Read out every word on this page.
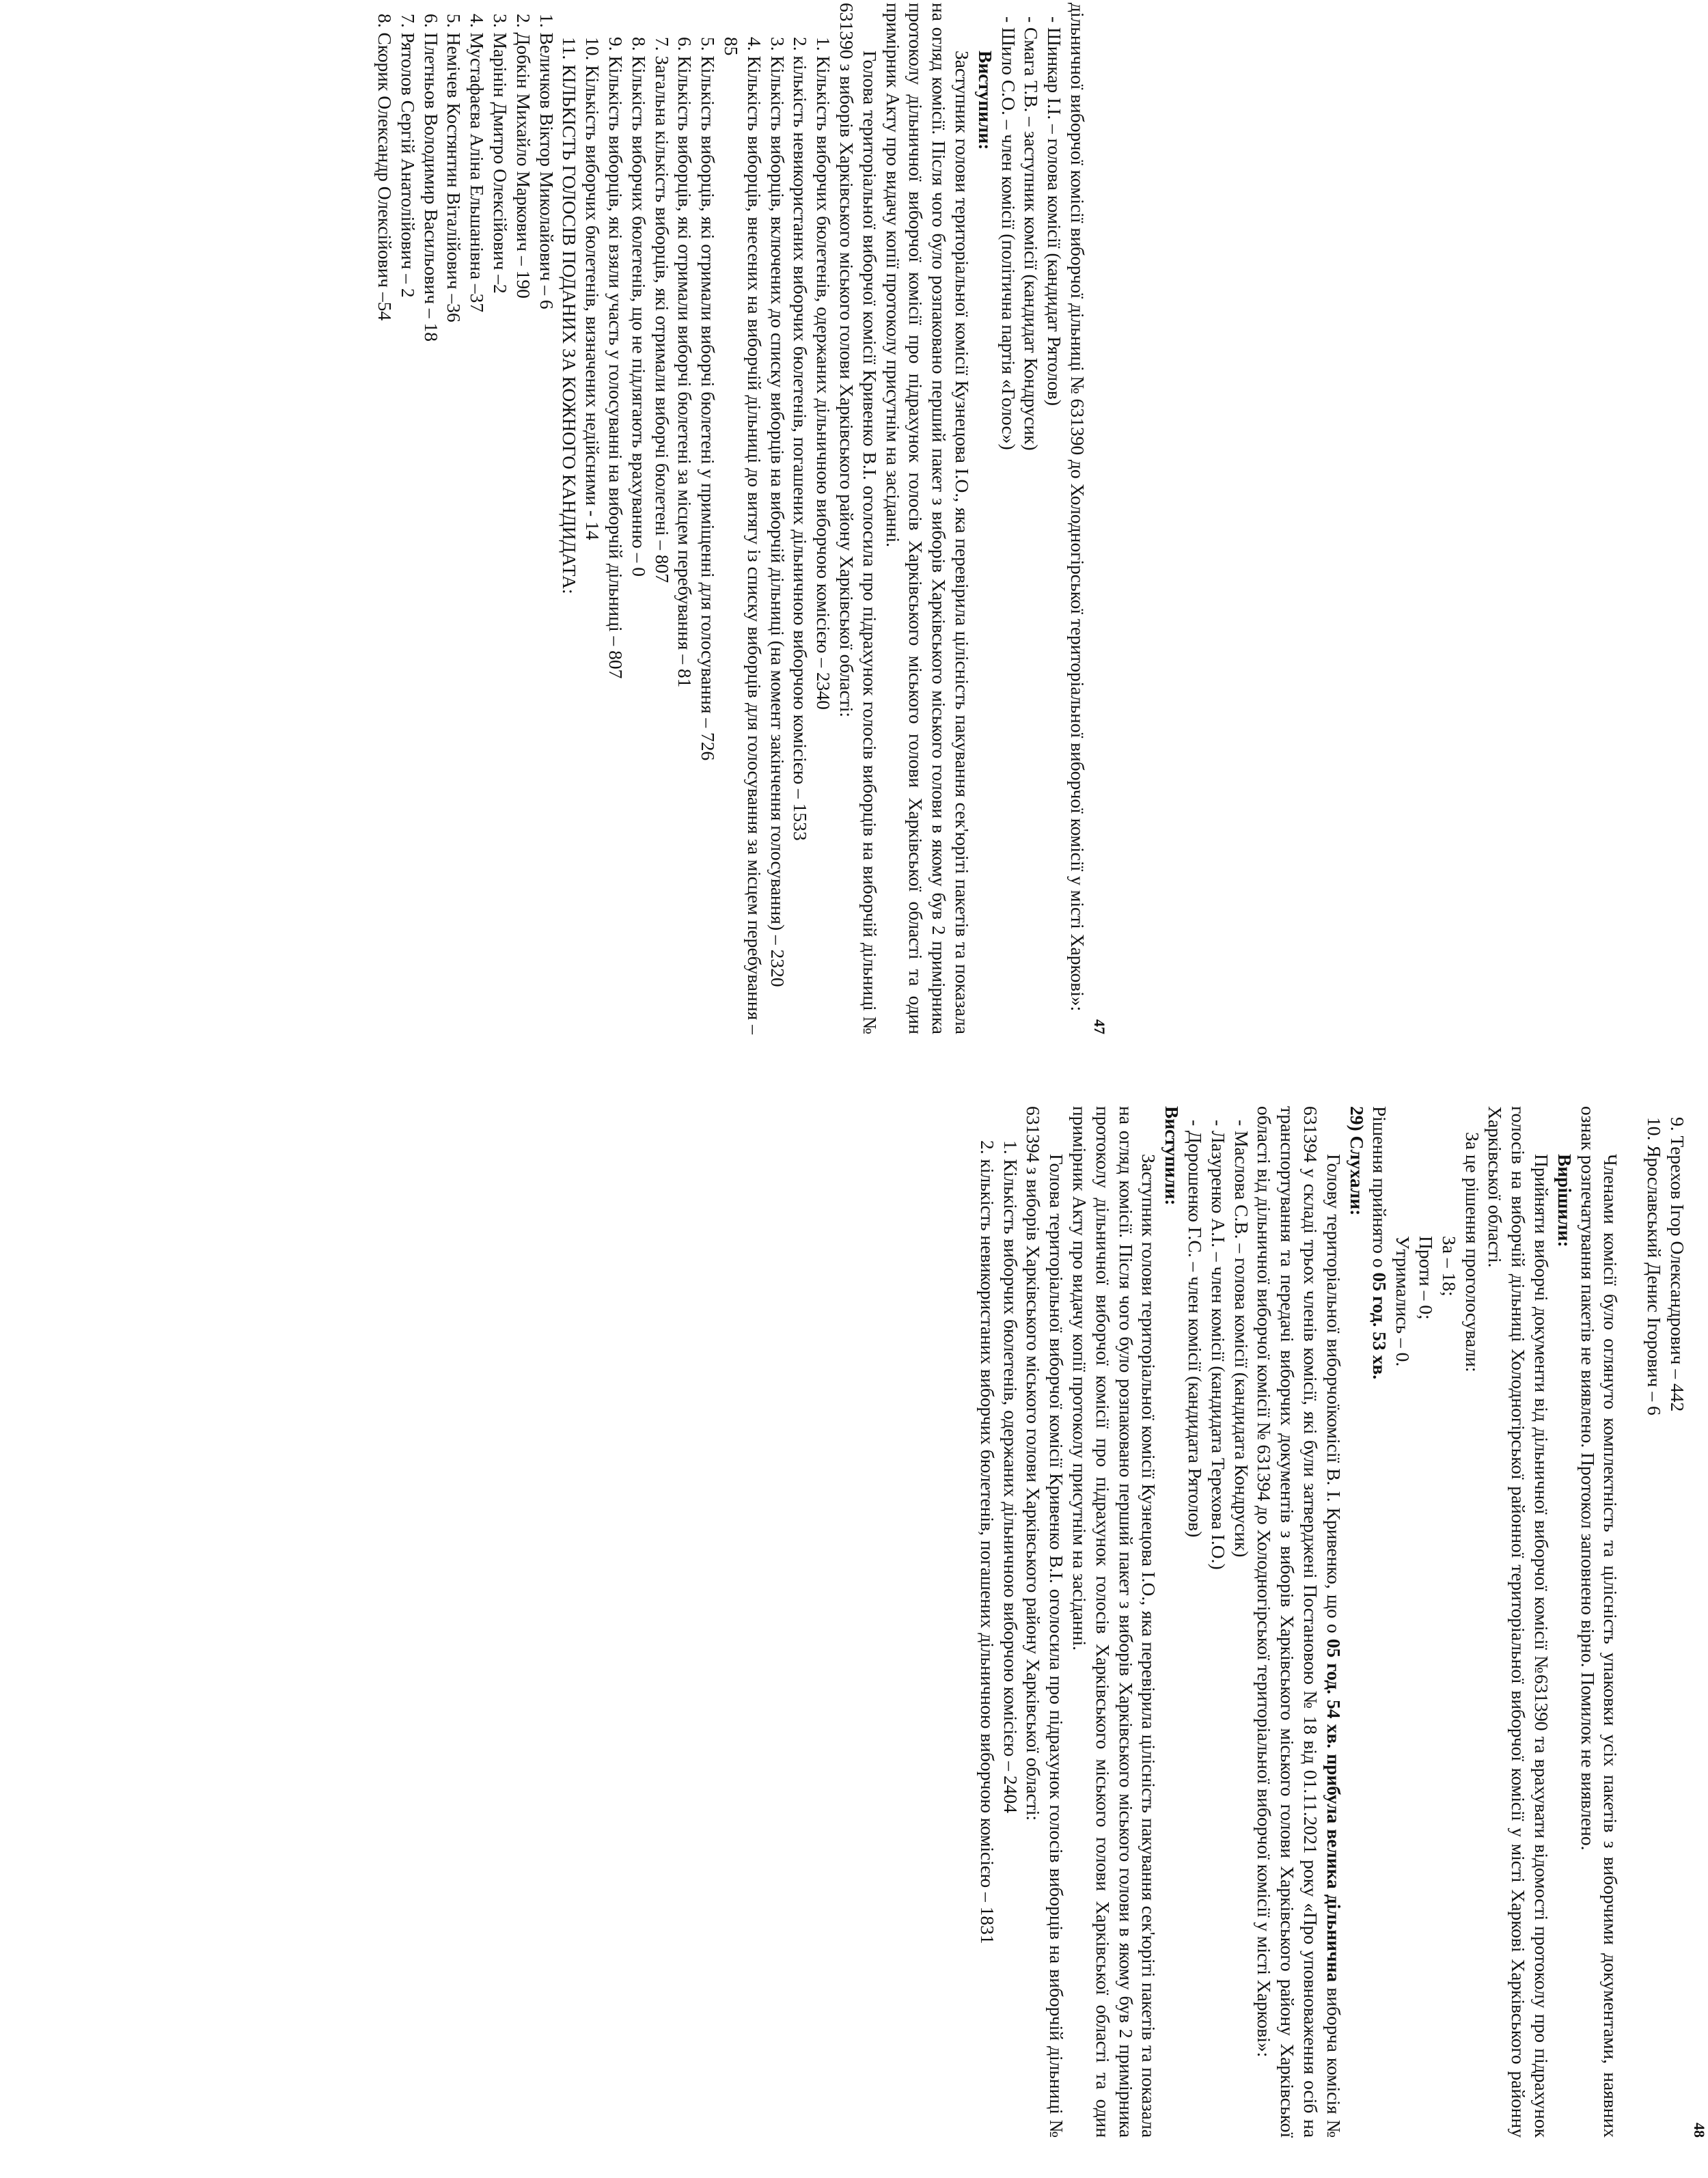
47

дільничної виборчої комісії виборчої дільниці № 631390 до Холодногірської територіальної виборчої комісії у місті Харкові»:

- Шинкар І.І. – голова комісії (кандидат Рятолов)

- Смага Т.В. – заступник комісії (кандидат Кондрусик)

- Шило С.О. – член комісії (політична партія «Голос»)

Виступили:

Заступник голови територіальної комісії Кузнецова І.О., яка перевірила цілісність пакування сек'юріті пакетів та показала на огляд комісії. Після чого було розпаковано перший пакет з виборів Харківського міського голови в якому був 2 примірника протоколу дільничної виборчої комісії про підрахунок голосів Харківського міського голови Харківської області та один примірник Акту про видачу копії протоколу присутнім на засіданні.

Голова територіальної виборчої комісії Кривенко В.І. оголосила про підрахунок голосів виборців на виборчій дільниці № 631390 з виборів Харківського міського голови Харківського району Харківської області:

1. Кількість виборчих бюлетенів, одержаних дільничною виборчою комісією – 2340

2. кількість невикористаних виборчих бюлетенів, погашених дільничною виборчою комісією – 1533

3. Кількість виборців, включених до списку виборців на виборчій дільниці (на момент закінчення голосування) – 2320

4. Кількість виборців, внесених на виборчій дільниці до витягу із списку виборців для голосування за місцем перебування – 85

5. Кількість виборців, які отримали виборчі бюлетені у приміщенні для голосування – 726

6. Кількість виборців, які отримали виборчі бюлетені за місцем перебування – 81

7. Загальна кількість виборців, які отримали виборчі бюлетені – 807

8. Кількість виборчих бюлетенів, що не підлягають врахуванню – 0

9. Кількість виборців, які взяли участь у голосуванні на виборчій дільниці – 807

10. Кількість виборчих бюлетенів, визначених недійсними - 14

11. КІЛЬКІСТЬ ГОЛОСІВ ПОДАНИХ ЗА КОЖНОГО КАНДИДАТА:

1. Величков Віктор Миколайович – 6

2. Добкін Михайло Маркович – 190

3. Марінін Дмитро Олексійович –2

4. Мустафаєва Аліна Ельшанівна –37

5. Немічев Костянтин Віталійович –36

6. Плетньов Володимир Васильович – 18

7. Рятолов Сергій Анатолійович – 2

8. Скорик Олександр Олексійович –54

48

9. Терехов Ігор Олександрович – 442

10. Ярославський Денис Ігорович – 6

Членами комісії було оглянуто комплектність та цілісність упаковки усіх пакетів з виборчими документами, наявних ознак розпечатування пакетів не виявлено. Протокол заповнено вірно. Помилок не виявлено.

Вирішили:

Прийняти виборчі документи від дільничної виборчої комісії №631390 та врахувати відомості протоколу про підрахунок голосів на виборчій дільниці Холодногірської районної територіальної виборчої комісії у місті Харкові Харківського районну Харківської області.

За це рішення проголосували:

За – 18;

Проти – 0;

Утримались – 0.

Рішення прийнято о 05 год. 53 хв.

29) Слухали:

Голову територіальної виборчоїкомісії В. І. Кривенко, що о 05 год. 54 хв. прибула велика дільнична виборча комісія № 631394 у складі трьох членів комісії, які були затверджені Постановою № 18 від 01.11.2021 року «Про уповноваження осіб на транспортування та передачі виборчих документів з виборів Харківського міського голови Харківського району Харківської області від дільничної виборчої комісії № 631394 до Холодногірської територіальної виборчої комісії у місті Харкові»:

- Маслова С.В. – голова комісії (кандидата Кондрусик)

- Лазуренко А.І. – член комісії (кандидата Терехова І.О.)

- Дорошенко Г.С. – член комісії (кандидата Рятолов)

Виступили:

Заступник голови територіальної комісії Кузнецова І.О., яка перевірила цілісність пакування сек'юріті пакетів та показала на огляд комісії. Після чого було розпаковано перший пакет з виборів Харківського міського голови в якому був 2 примірника протоколу дільничної виборчої комісії про підрахунок голосів Харківського міського голови Харківської області та один примірник Акту про видачу копії протоколу присутнім на засіданні.

Голова територіальної виборчої комісії Кривенко В.І. оголосила про підрахунок голосів виборців на виборчій дільниці № 631394 з виборів Харківського міського голови Харківського району Харківської області:

1. Кількість виборчих бюлетенів, одержаних дільничною виборчою комісією – 2404

2. кількість невикористаних виборчих бюлетенів, погашених дільничною виборчою комісією – 1831
